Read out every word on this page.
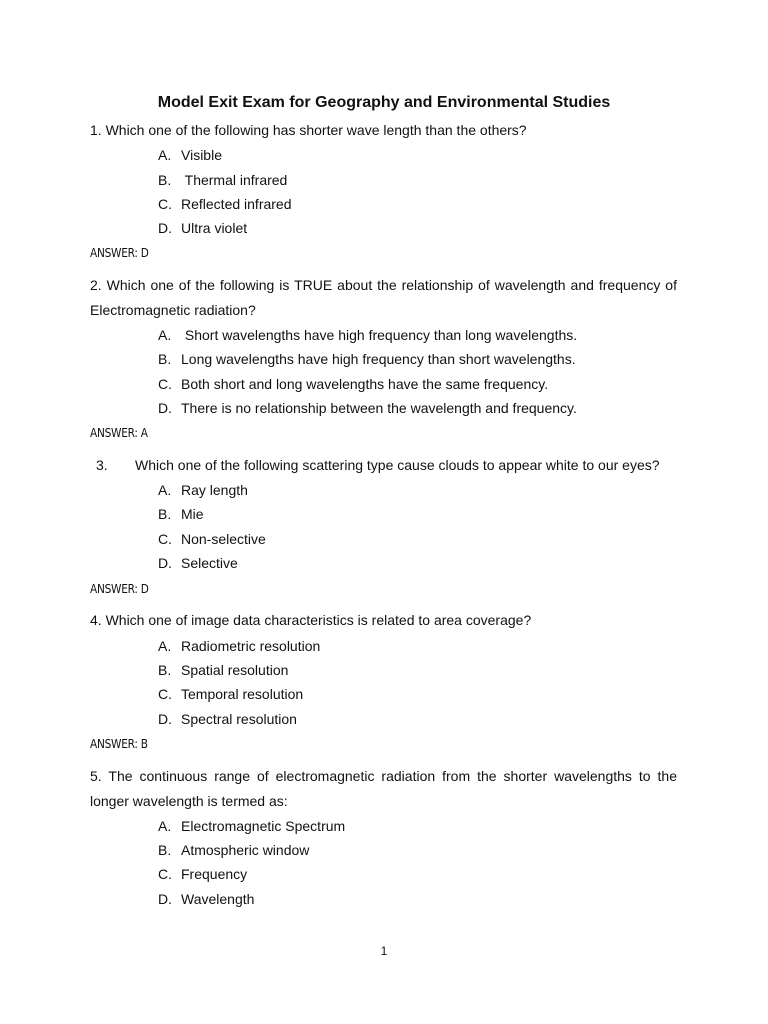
Model Exit Exam for Geography and Environmental Studies
1. Which one of the following has shorter wave length than the others?
A. Visible
B. Thermal infrared
C. Reflected infrared
D. Ultra violet
ANSWER: D
2. Which one of the following is TRUE about the relationship of wavelength and frequency of Electromagnetic radiation?
A. Short wavelengths have high frequency than long wavelengths.
B. Long wavelengths have high frequency than short wavelengths.
C. Both short and long wavelengths have the same frequency.
D. There is no relationship between the wavelength and frequency.
ANSWER: A
3. Which one of the following scattering type cause clouds to appear white to our eyes?
A. Ray length
B. Mie
C. Non-selective
D. Selective
ANSWER: D
4. Which one of image data characteristics is related to area coverage?
A. Radiometric resolution
B. Spatial resolution
C. Temporal resolution
D. Spectral resolution
ANSWER: B
5. The continuous range of electromagnetic radiation from the shorter wavelengths to the longer wavelength is termed as:
A. Electromagnetic Spectrum
B. Atmospheric window
C. Frequency
D. Wavelength
1
